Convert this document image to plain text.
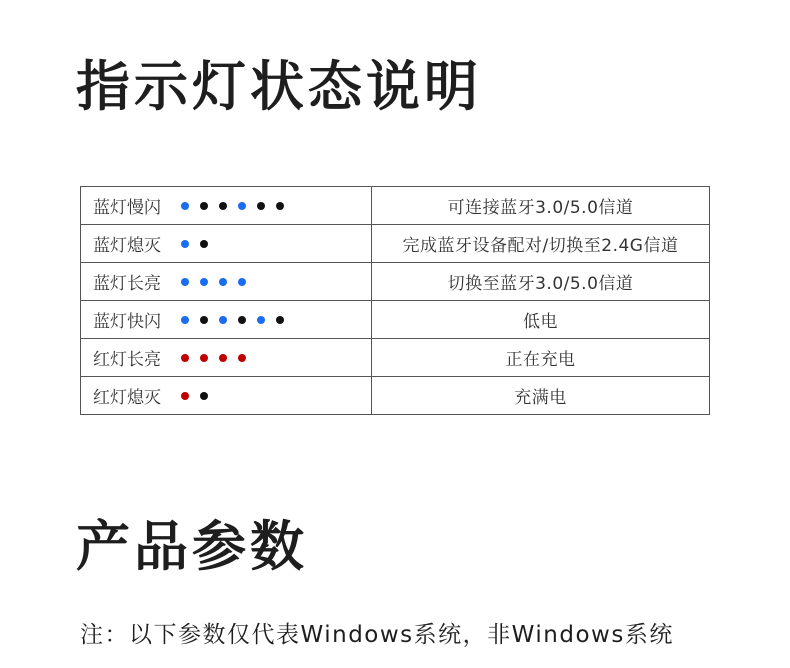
指示灯状态说明
蓝灯慢闪	可连接蓝牙3.0/5.0信道

蓝灯熄灭	完成蓝牙设备配对/切换至2.4G信道

蓝灯长亮	切换至蓝牙3.0/5.0信道

蓝灯快闪	低电

红灯长亮	正在充电

红灯熄灭	充满电
产品参数

注：以下参数仅代表Windows系统，非Windows系统
